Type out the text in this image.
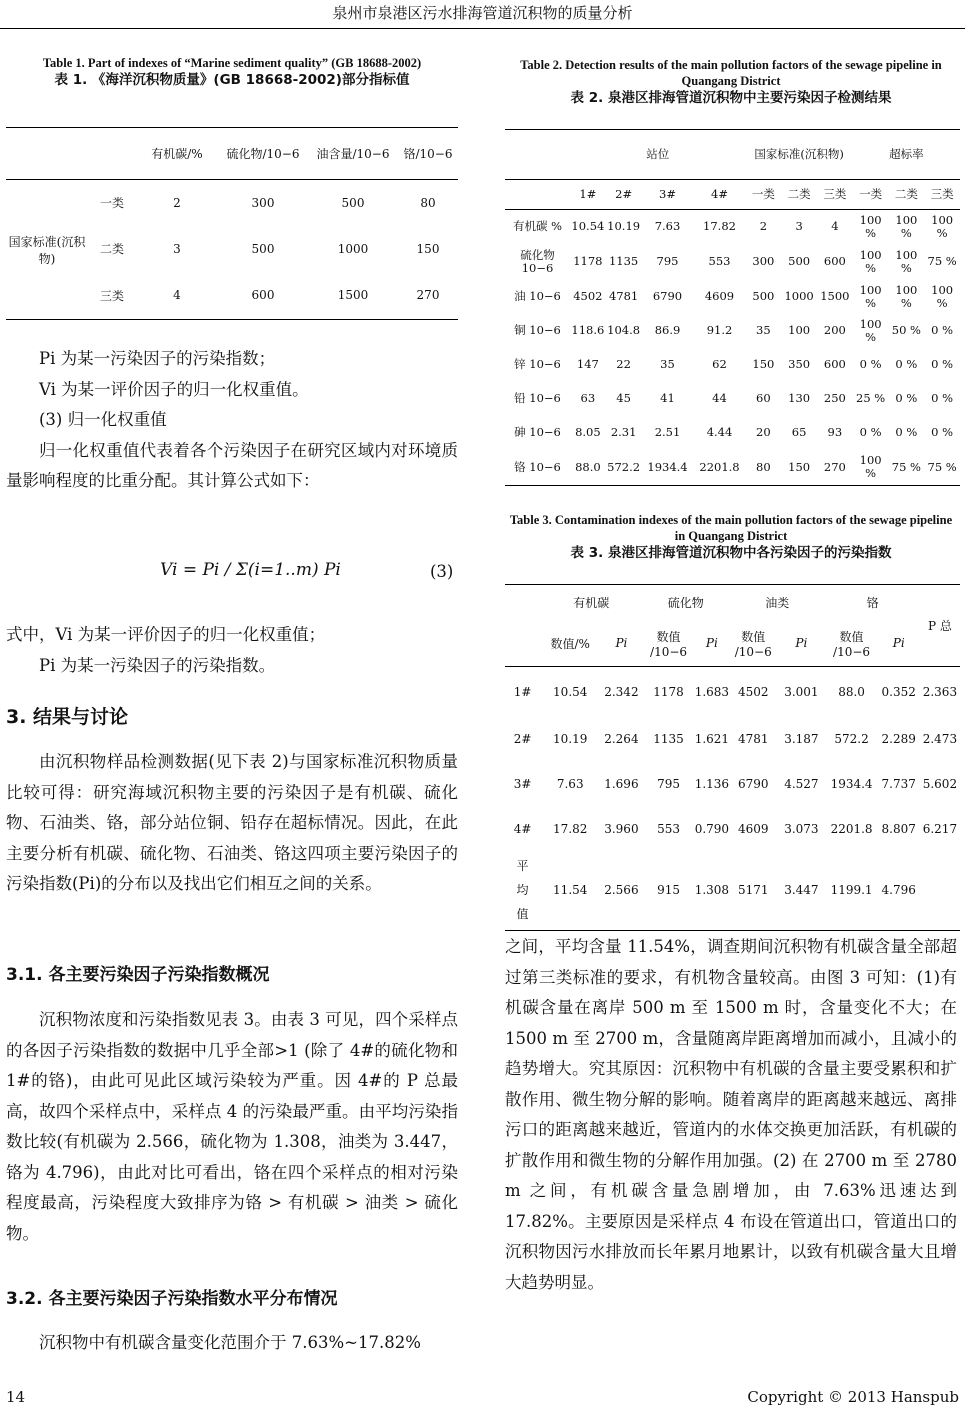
泉州市泉港区污水排海管道沉积物的质量分析
Table 1. Part of indexes of “Marine sediment quality” (GB 18688-2002)
表 1. 《海洋沉积物质量》(GB 18668-2002)部分指标值
		有机碳/%	硫化物/10−6	油含量/10−6	铬/10−6
国家标准(沉积物)	一类	2	300	500	80
	二类	3	500	1000	150
	三类	4	600	1500	270
Pi 为某一污染因子的污染指数；
Vi 为某一评价因子的归一化权重值。
(3) 归一化权重值
归一化权重值代表着各个污染因子在研究区域内对环境质量影响程度的比重分配。其计算公式如下：
Vi = Pi / Σ(i=1..m) Pi	(3)
式中，Vi 为某一评价因子的归一化权重值；
Pi 为某一污染因子的污染指数。
3. 结果与讨论
由沉积物样品检测数据(见下表 2)与国家标准沉积物质量比较可得：研究海域沉积物主要的污染因子是有机碳、硫化物、石油类、铬，部分站位铜、铅存在超标情况。因此，在此主要分析有机碳、硫化物、石油类、铬这四项主要污染因子的污染指数(Pi)的分布以及找出它们相互之间的关系。
3.1. 各主要污染因子污染指数概况
沉积物浓度和污染指数见表 3。由表 3 可见，四个采样点的各因子污染指数的数据中几乎全部>1 (除了 4#的硫化物和 1#的铬)，由此可见此区域污染较为严重。因 4#的 P 总最高，故四个采样点中，采样点 4 的污染最严重。由平均污染指数比较(有机碳为 2.566，硫化物为 1.308，油类为 3.447，铬为 4.796)，由此对比可看出，铬在四个采样点的相对污染程度最高，污染程度大致排序为铬 > 有机碳 > 油类 > 硫化物。
3.2. 各主要污染因子污染指数水平分布情况
沉积物中有机碳含量变化范围介于 7.63%~17.82%
Table 2. Detection results of the main pollution factors of the sewage pipeline in Quangang District
表 2. 泉港区排海管道沉积物中主要污染因子检测结果
	站位				国家标准(沉积物)			超标率		
	1#	2#	3#	4#	一类	二类	三类	一类	二类	三类
有机碳 %	10.54	10.19	7.63	17.82	2	3	4	100 %	100 %	100 %
硫化物 10−6	1178	1135	795	553	300	500	600	100 %	100 %	75 %
油 10−6	4502	4781	6790	4609	500	1000	1500	100 %	100 %	100 %
铜 10−6	118.6	104.8	86.9	91.2	35	100	200	100 %	50 %	0 %
锌 10−6	147	22	35	62	150	350	600	0 %	0 %	0 %
铅 10−6	63	45	41	44	60	130	250	25 %	0 %	0 %
砷 10−6	8.05	2.31	2.51	4.44	20	65	93	0 %	0 %	0 %
铬 10−6	88.0	572.2	1934.4	2201.8	80	150	270	100 %	75 %	75 %
Table 3. Contamination indexes of the main pollution factors of the sewage pipeline in Quangang District
表 3. 泉港区排海管道沉积物中各污染因子的污染指数
	有机碳		硫化物		油类		铬		P 总
	数值/%	Pi	数值 /10−6	Pi	数值 /10−6	Pi	数值 /10−6	Pi	
1#	10.54	2.342	1178	1.683	4502	3.001	88.0	0.352	2.363
2#	10.19	2.264	1135	1.621	4781	3.187	572.2	2.289	2.473
3#	7.63	1.696	795	1.136	6790	4.527	1934.4	7.737	5.602
4#	17.82	3.960	553	0.790	4609	3.073	2201.8	8.807	6.217
平均值	11.54	2.566	915	1.308	5171	3.447	1199.1	4.796	
之间，平均含量 11.54%，调查期间沉积物有机碳含量全部超过第三类标准的要求，有机物含量较高。由图 3 可知：(1)有机碳含量在离岸 500 m 至 1500 m 时，含量变化不大；在 1500 m 至 2700 m，含量随离岸距离增加而减小，且减小的趋势增大。究其原因：沉积物中有机碳的含量主要受累积和扩散作用、微生物分解的影响。随着离岸的距离越来越远、离排污口的距离越来越近，管道内的水体交换更加活跃，有机碳的扩散作用和微生物的分解作用加强。(2) 在 2700 m 至 2780 m 之间，有机碳含量急剧增加，由 7.63%迅速达到 17.82%。主要原因是采样点 4 布设在管道出口，管道出口的沉积物因污水排放而长年累月地累计，以致有机碳含量大且增大趋势明显。
14	Copyright © 2013 Hanspub
